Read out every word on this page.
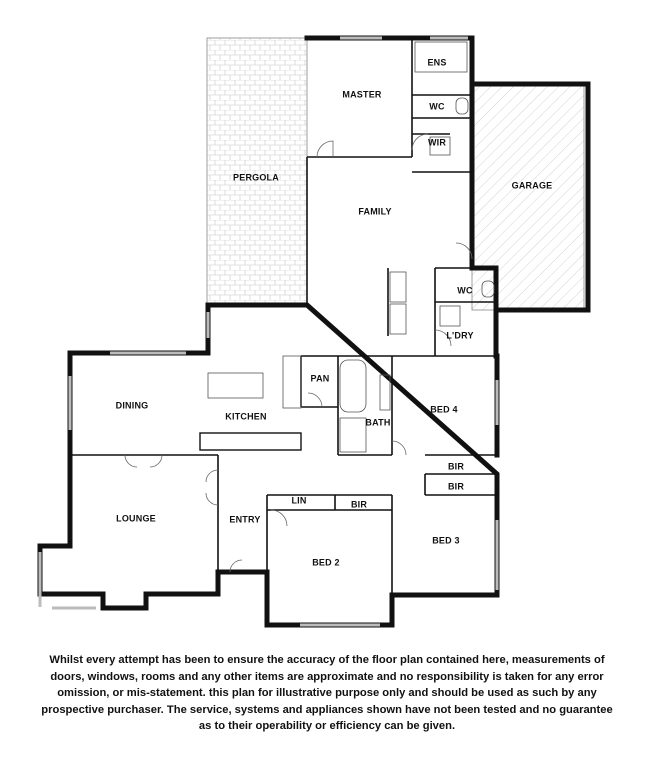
PERGOLA
MASTER
ENS
WC
WIR
GARAGE
FAMILY
WC
L'DRY
PAN
DINING
KITCHEN
BATH
BED 4
BIR
BIR
LIN	BIR
LOUNGE	ENTRY
BED 2
BED 3
Whilst every attempt has been to ensure the accuracy of the floor plan contained here, measurements of doors, windows, rooms and any other items are approximate and no responsibility is taken for any error omission, or mis-statement. this plan for illustrative purpose only and should be used as such by any prospective purchaser. The service, systems and appliances shown have not been tested and no guarantee as to their operability or efficiency can be given.
